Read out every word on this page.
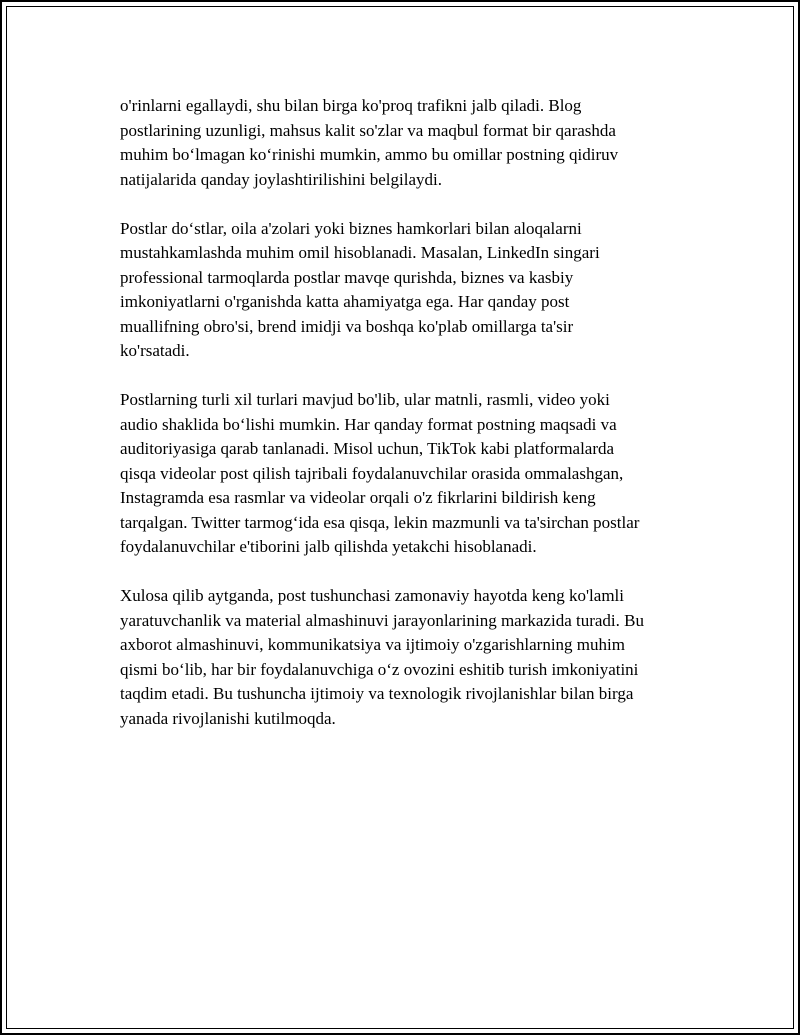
o'rinlarni egallaydi, shu bilan birga ko'proq trafikni jalb qiladi. Blog
postlarining uzunligi, mahsus kalit so'zlar va maqbul format bir qarashda
muhim bo‘lmagan ko‘rinishi mumkin, ammo bu omillar postning qidiruv
natijalarida qanday joylashtirilishini belgilaydi.

Postlar do‘stlar, oila a'zolari yoki biznes hamkorlari bilan aloqalarni
mustahkamlashda muhim omil hisoblanadi. Masalan, LinkedIn singari
professional tarmoqlarda postlar mavqe qurishda, biznes va kasbiy
imkoniyatlarni o'rganishda katta ahamiyatga ega. Har qanday post
muallifning obro'si, brend imidji va boshqa ko'plab omillarga ta'sir
ko'rsatadi.

Postlarning turli xil turlari mavjud bo'lib, ular matnli, rasmli, video yoki
audio shaklida bo‘lishi mumkin. Har qanday format postning maqsadi va
auditoriyasiga qarab tanlanadi. Misol uchun, TikTok kabi platformalarda
qisqa videolar post qilish tajribali foydalanuvchilar orasida ommalashgan,
Instagramda esa rasmlar va videolar orqali o'z fikrlarini bildirish keng
tarqalgan. Twitter tarmog‘ida esa qisqa, lekin mazmunli va ta'sirchan postlar
foydalanuvchilar e'tiborini jalb qilishda yetakchi hisoblanadi.

Xulosa qilib aytganda, post tushunchasi zamonaviy hayotda keng ko'lamli
yaratuvchanlik va material almashinuvi jarayonlarining markazida turadi. Bu
axborot almashinuvi, kommunikatsiya va ijtimoiy o'zgarishlarning muhim
qismi bo‘lib, har bir foydalanuvchiga o‘z ovozini eshitib turish imkoniyatini
taqdim etadi. Bu tushuncha ijtimoiy va texnologik rivojlanishlar bilan birga
yanada rivojlanishi kutilmoqda.
